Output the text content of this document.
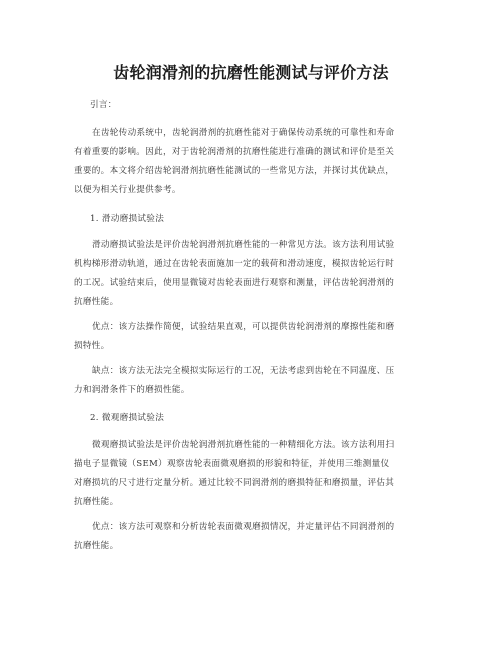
齿轮润滑剂的抗磨性能测试与评价方法

引言：

在齿轮传动系统中，齿轮润滑剂的抗磨性能对于确保传动系统的可靠性和寿命
有着重要的影响。因此，对于齿轮润滑剂的抗磨性能进行准确的测试和评价是至关
重要的。本文将介绍齿轮润滑剂抗磨性能测试的一些常见方法，并探讨其优缺点，
以便为相关行业提供参考。

1. 滑动磨损试验法

滑动磨损试验法是评价齿轮润滑剂抗磨性能的一种常见方法。该方法利用试验
机构梯形滑动轨道，通过在齿轮表面施加一定的载荷和滑动速度，模拟齿轮运行时
的工况。试验结束后，使用显微镜对齿轮表面进行观察和测量，评估齿轮润滑剂的
抗磨性能。
优点：该方法操作简便，试验结果直观，可以提供齿轮润滑剂的摩擦性能和磨
损特性。
缺点：该方法无法完全模拟实际运行的工况，无法考虑到齿轮在不同温度、压
力和润滑条件下的磨损性能。

2. 微观磨损试验法

微观磨损试验法是评价齿轮润滑剂抗磨性能的一种精细化方法。该方法利用扫
描电子显微镜（SEM）观察齿轮表面微观磨损的形貌和特征，并使用三维测量仪
对磨损坑的尺寸进行定量分析。通过比较不同润滑剂的磨损特征和磨损量，评估其
抗磨性能。
优点：该方法可观察和分析齿轮表面微观磨损情况，并定量评估不同润滑剂的
抗磨性能。
